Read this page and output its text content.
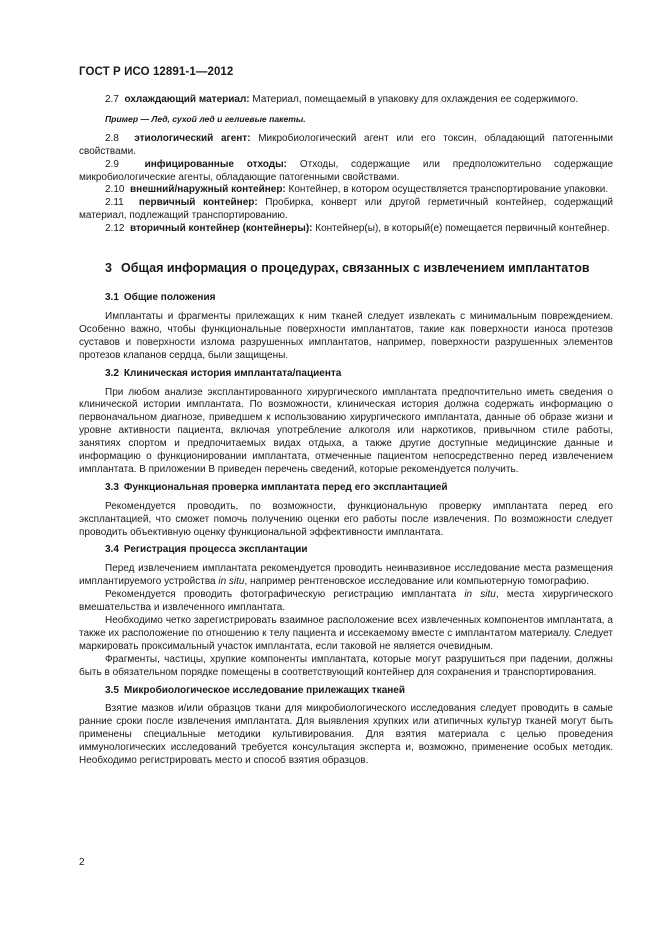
ГОСТ Р ИСО 12891-1—2012

2.7 охлаждающий материал: Материал, помещаемый в упаковку для охлаждения ее содержимого.

Пример — Лед, сухой лед и гелиевые пакеты.

2.8 этиологический агент: Микробиологический агент или его токсин, обладающий патогенными свойствами.

2.9	инфицированные отходы: Отходы, содержащие или предположительно содержащие микробиологические агенты, обладающие патогенными свойствами.

2.10 внешний/наружный контейнер: Контейнер, в котором осуществляется транспортирование упаковки.

2.11 первичный контейнер: Пробирка, конверт или другой герметичный контейнер, содержащий материал, подлежащий транспортированию.

2.12 вторичный контейнер (контейнеры): Контейнер(ы), в который(е) помещается первичный контейнер.

3 Общая информация о процедурах, связанных с извлечением имплантатов

3.1 Общие положения

Имплантаты и фрагменты прилежащих к ним тканей следует извлекать с минимальным повреждением. Особенно важно, чтобы функциональные поверхности имплантатов, такие как поверхности износа протезов суставов и поверхности излома разрушенных имплантатов, например, поверхности разрушенных элементов протезов клапанов сердца, были защищены.

3.2 Клиническая история имплантата/пациента

При любом анализе эксплантированного хирургического имплантата предпочтительно иметь сведения о клинической истории имплантата. По возможности, клиническая история должна содержать информацию о первоначальном диагнозе, приведшем к использованию хирургического имплантата, данные об образе жизни и уровне активности пациента, включая употребление алкоголя или наркотиков, привычном стиле работы, занятиях спортом и предпочитаемых видах отдыха, а также другие доступные медицинские данные и информацию о функционировании имплантата, отмеченные пациентом непосредственно перед извлечением имплантата. В приложении В приведен перечень сведений, которые рекомендуется получить.

3.3 Функциональная проверка имплантата перед его эксплантацией

Рекомендуется проводить, по возможности, функциональную проверку имплантата перед его эксплантацией, что сможет помочь получению оценки его работы после извлечения. По возможности следует проводить объективную оценку функциональной эффективности имплантата.

3.4 Регистрация процесса эксплантации

Перед извлечением имплантата рекомендуется проводить неинвазивное исследование места размещения имплантируемого устройства in situ, например рентгеновское исследование или компьютерную томографию.

Рекомендуется проводить фотографическую регистрацию имплантата in situ, места хирургического вмешательства и извлеченного имплантата.

Необходимо четко зарегистрировать взаимное расположение всех извлеченных компонентов имплантата, а также их расположение по отношению к телу пациента и иссекаемому вместе с имплантатом материалу. Следует маркировать проксимальный участок имплантата, если таковой не является очевидным.

Фрагменты, частицы, хрупкие компоненты имплантата, которые могут разрушиться при падении, должны быть в обязательном порядке помещены в соответствующий контейнер для сохранения и транспортирования.

3.5 Микробиологическое исследование прилежащих тканей

Взятие мазков и/или образцов ткани для микробиологического исследования следует проводить в самые ранние сроки после извлечения имплантата. Для выявления хрупких или атипичных культур тканей могут быть применены специальные методики культивирования. Для взятия материала с целью проведения иммунологических исследований требуется консультация эксперта и, возможно, применение особых методик. Необходимо регистрировать место и способ взятия образцов.

2
